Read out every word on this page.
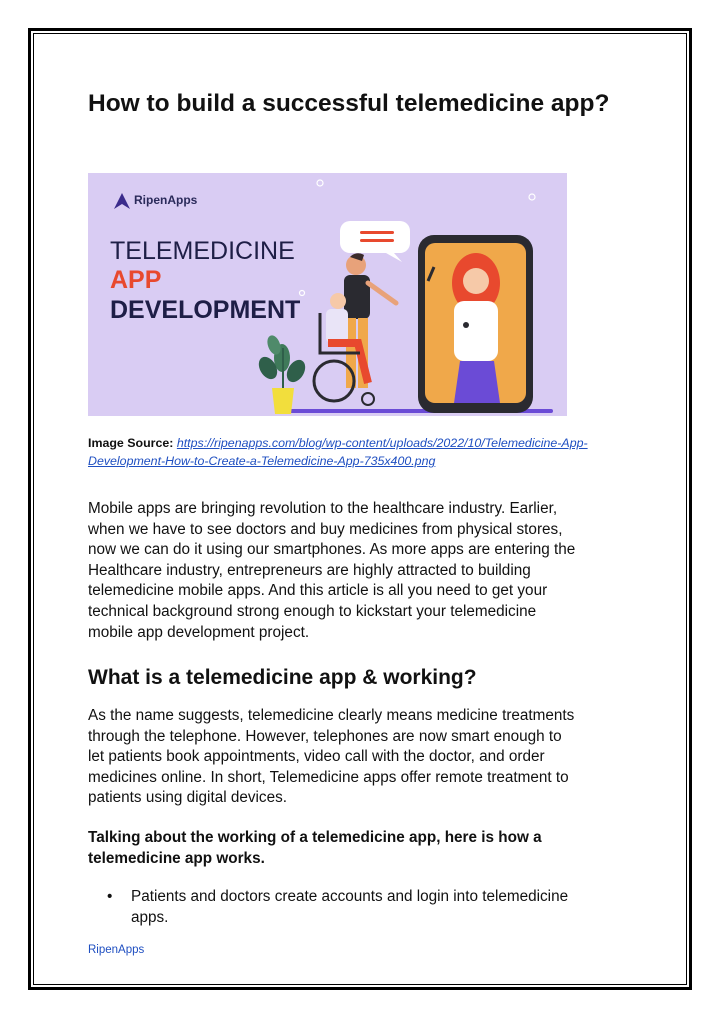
How to build a successful telemedicine app?
RipenApps
TELEMEDICINE
APP
DEVELOPMENT

Image Source: https://ripenapps.com/blog/wp-content/uploads/2022/10/Telemedicine-App-Development-How-to-Create-a-Telemedicine-App-735x400.png

Mobile apps are bringing revolution to the healthcare industry. Earlier,
when we have to see doctors and buy medicines from physical stores,
now we can do it using our smartphones. As more apps are entering the
Healthcare industry, entrepreneurs are highly attracted to building
telemedicine mobile apps. And this article is all you need to get your
technical background strong enough to kickstart your telemedicine
mobile app development project.
What is a telemedicine app & working?
As the name suggests, telemedicine clearly means medicine treatments
through the telephone. However, telephones are now smart enough to
let patients book appointments, video call with the doctor, and order
medicines online. In short, Telemedicine apps offer remote treatment to
patients using digital devices.
Talking about the working of a telemedicine app, here is how a
telemedicine app works.
• Patients and doctors create accounts and login into telemedicine
apps.
RipenApps
